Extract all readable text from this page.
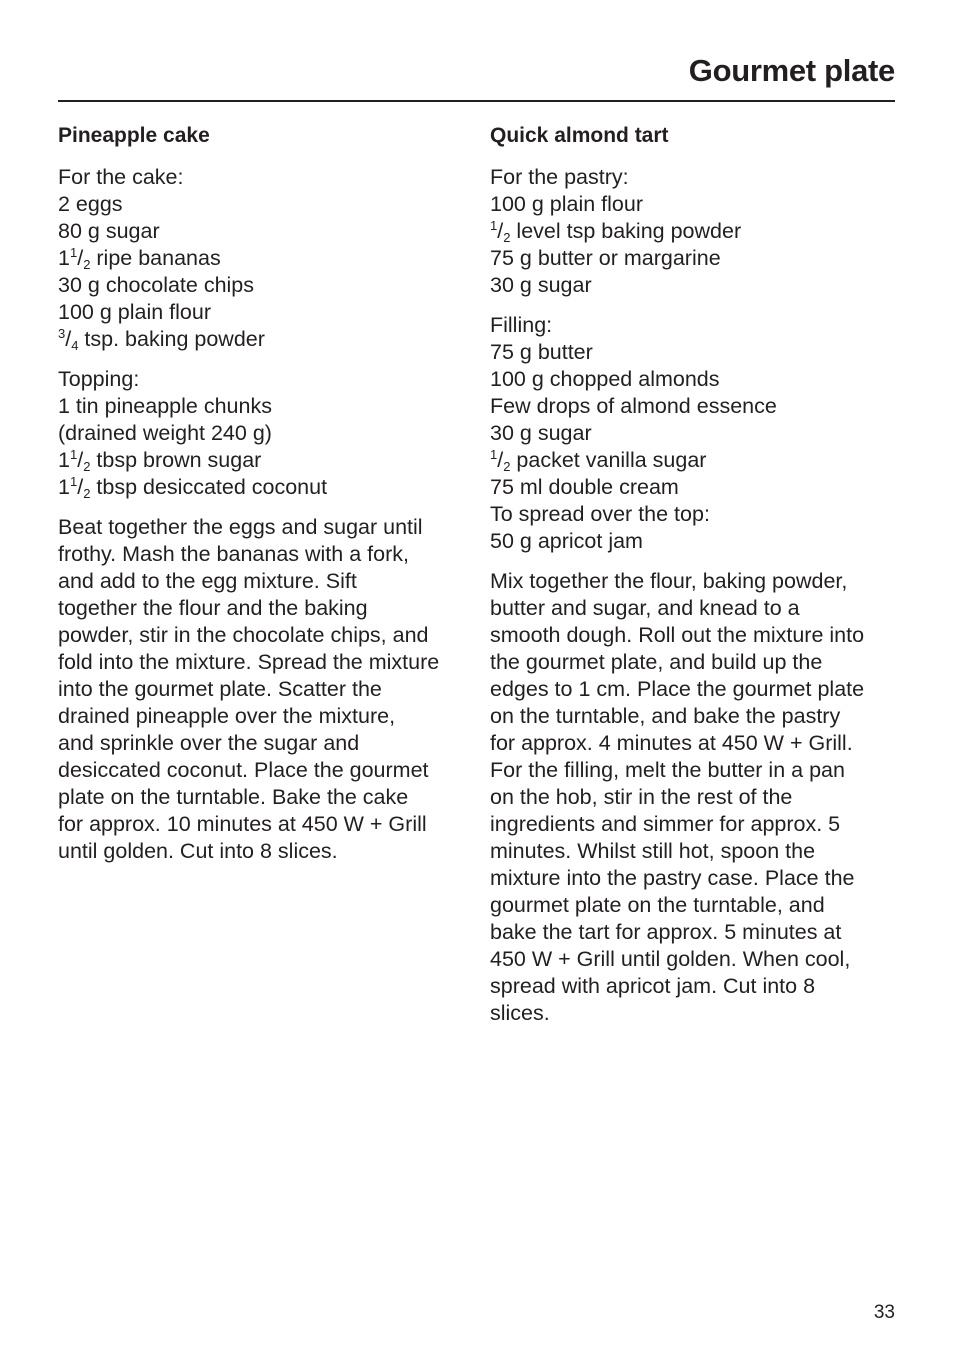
Gourmet plate
Pineapple cake
For the cake:
2 eggs
80 g sugar
$1^1/_2$ ripe bananas
30 g chocolate chips
100 g plain flour
$^3/_4$ tsp. baking powder
Topping:
1 tin pineapple chunks
(drained weight 240 g)
$1^1/_2$ tbsp brown sugar
$1^1/_2$ tbsp desiccated coconut
Beat together the eggs and sugar until
frothy. Mash the bananas with a fork,
and add to the egg mixture. Sift
together the flour and the baking
powder, stir in the chocolate chips, and
fold into the mixture. Spread the mixture
into the gourmet plate. Scatter the
drained pineapple over the mixture,
and sprinkle over the sugar and
desiccated coconut. Place the gourmet
plate on the turntable. Bake the cake
for approx. 10 minutes at 450 W + Grill
until golden. Cut into 8 slices.
Quick almond tart
For the pastry:
100 g plain flour
$^1/_2$ level tsp baking powder
75 g butter or margarine
30 g sugar
Filling:
75 g butter
100 g chopped almonds
Few drops of almond essence
30 g sugar
$^1/_2$ packet vanilla sugar
75 ml double cream
To spread over the top:
50 g apricot jam
Mix together the flour, baking powder,
butter and sugar, and knead to a
smooth dough. Roll out the mixture into
the gourmet plate, and build up the
edges to 1 cm. Place the gourmet plate
on the turntable, and bake the pastry
for approx. 4 minutes at 450 W + Grill.
For the filling, melt the butter in a pan
on the hob, stir in the rest of the
ingredients and simmer for approx. 5
minutes. Whilst still hot, spoon the
mixture into the pastry case. Place the
gourmet plate on the turntable, and
bake the tart for approx. 5 minutes at
450 W + Grill until golden. When cool,
spread with apricot jam. Cut into 8
slices.
33
